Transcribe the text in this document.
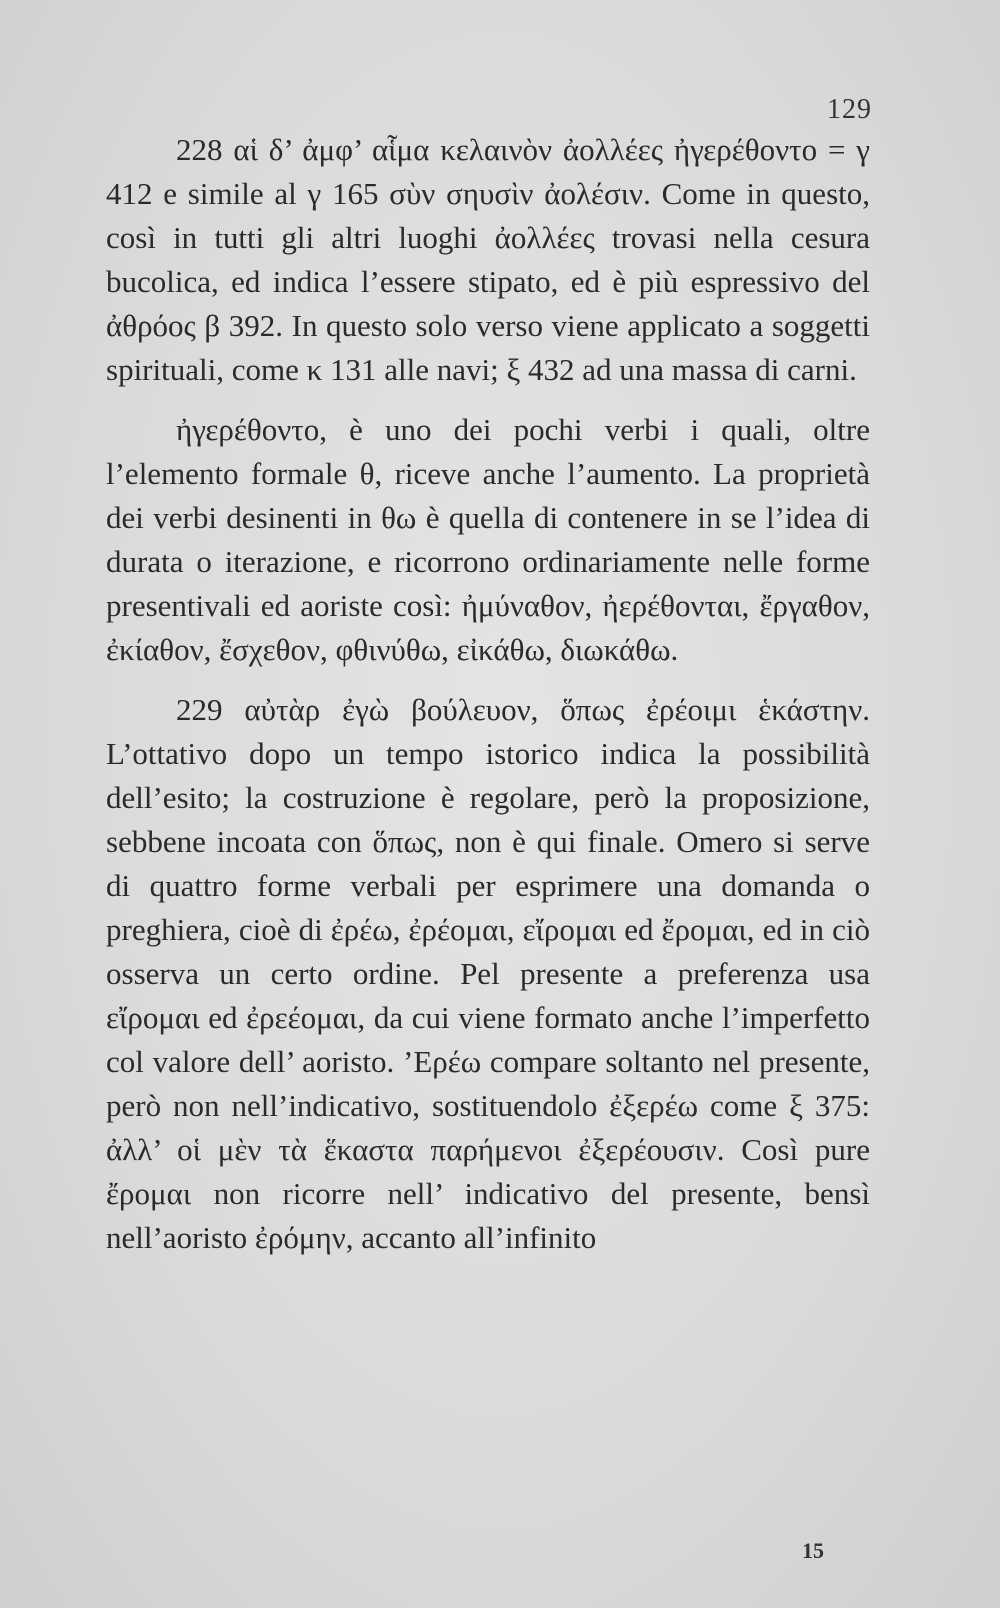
129

228 αἱ δ’ ἀμφ’ αἷμα κελαινὸν ἀολλέες ἠγερέθοντο = γ 412 e simile al γ 165 σὺν σηυσὶν ἀολέσιν. Come in questo, così in tutti gli altri luoghi ἀολλέες trovasi nella cesura bucolica, ed indica l’essere stipato, ed è più espressivo del ἀθρόος β 392. In questo solo verso viene applicato a soggetti spirituali, come κ 131 alle navi; ξ 432 ad una massa di carni.

ἠγερέθοντο, è uno dei pochi verbi i quali, oltre l’elemento formale θ, riceve anche l’aumento. La proprietà dei verbi desinenti in θω è quella di contenere in se l’idea di durata o iterazione, e ricorrono ordinariamente nelle forme presentivali ed aoriste così: ἠμύναθον, ἠερέθονται, ἔργαθον, ἐκίαθον, ἔσχεθον, φθινύθω, εἰκάθω, διωκάθω.

229 αὐτὰρ ἐγὼ βούλευον, ὅπως ἐρέοιμι ἑκάστην. L’ottativo dopo un tempo istorico indica la possibilità dell’esito; la costruzione è regolare, però la proposizione, sebbene incoata con ὅπως, non è qui finale. Omero si serve di quattro forme verbali per esprimere una domanda o preghiera, cioè di ἐρέω, ἐρέομαι, εἴρομαι ed ἔρομαι, ed in ciò osserva un certo ordine. Pel presente a preferenza usa εἴρομαι ed ἐρεέομαι, da cui viene formato anche l’imperfetto col valore dell’ aoristo. ’Ερέω compare soltanto nel presente, però non nell’indicativo, sostituendolo ἐξερέω come ξ 375: ἀλλ’ οἱ μὲν τὰ ἕκαστα παρήμενοι ἐξερέουσιν. Così pure ἔρομαι non ricorre nell’ indicativo del presente, bensì nell’aoristo ἐρόμην, accanto all’infinito

15
